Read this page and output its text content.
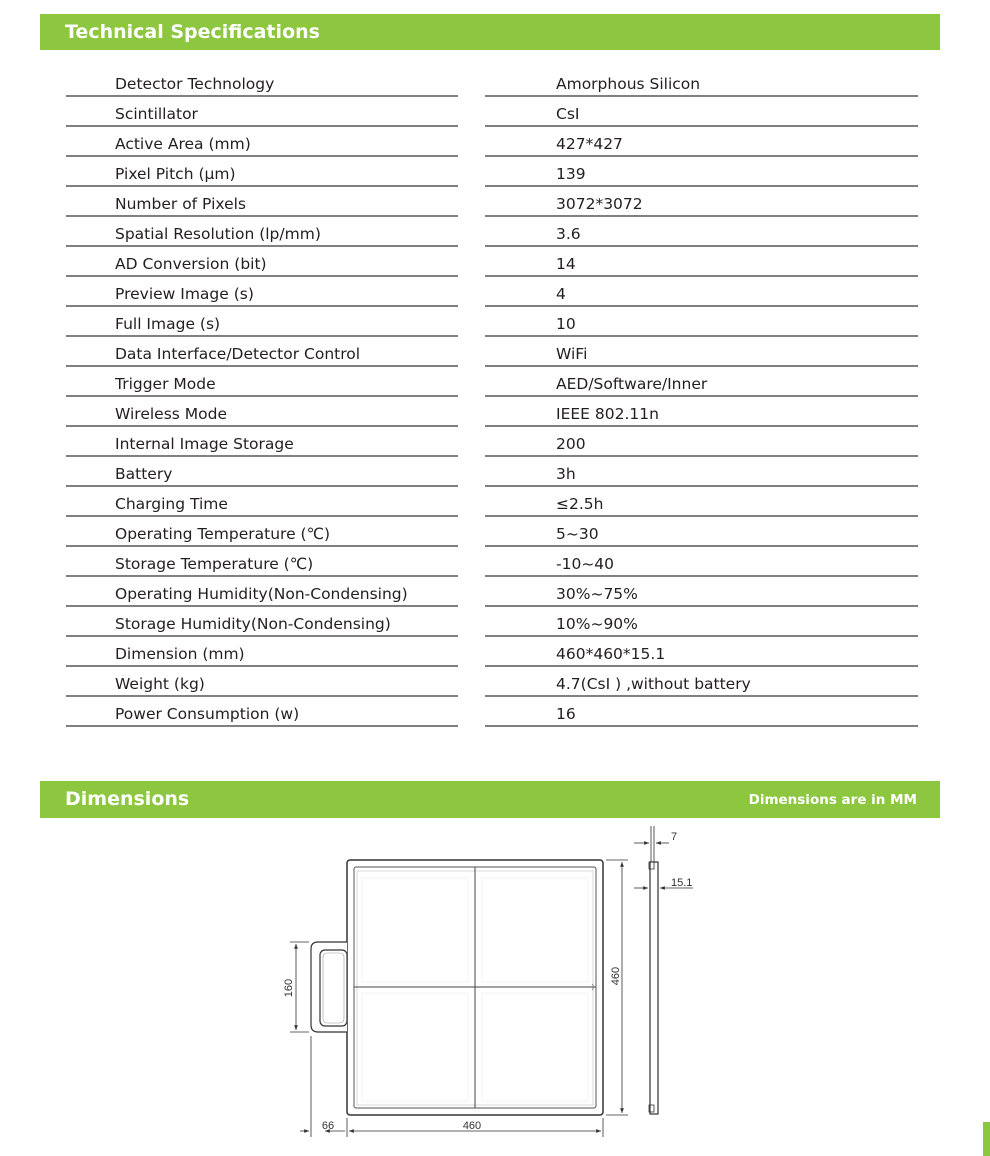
Technical Specifications
Detector Technology	Amorphous Silicon
Scintillator	CsI
Active Area (mm)	427*427
Pixel Pitch (μm)	139
Number of Pixels	3072*3072
Spatial Resolution (lp/mm)	3.6
AD Conversion (bit)	14
Preview Image (s)	4
Full Image (s)	10
Data Interface/Detector Control	WiFi
Trigger Mode	AED/Software/Inner
Wireless Mode	IEEE 802.11n
Internal Image Storage	200
Battery	3h
Charging Time	≤2.5h
Operating Temperature (℃)	5~30
Storage Temperature (℃)	-10~40
Operating Humidity(Non-Condensing)	30%~75%
Storage Humidity(Non-Condensing)	10%~90%
Dimension (mm)	460*460*15.1
Weight (kg)	4.7(CsI ) ,without battery
Power Consumption (w)	16
Dimensions	Dimensions are in MM
460
66
160
460
7
15.1
